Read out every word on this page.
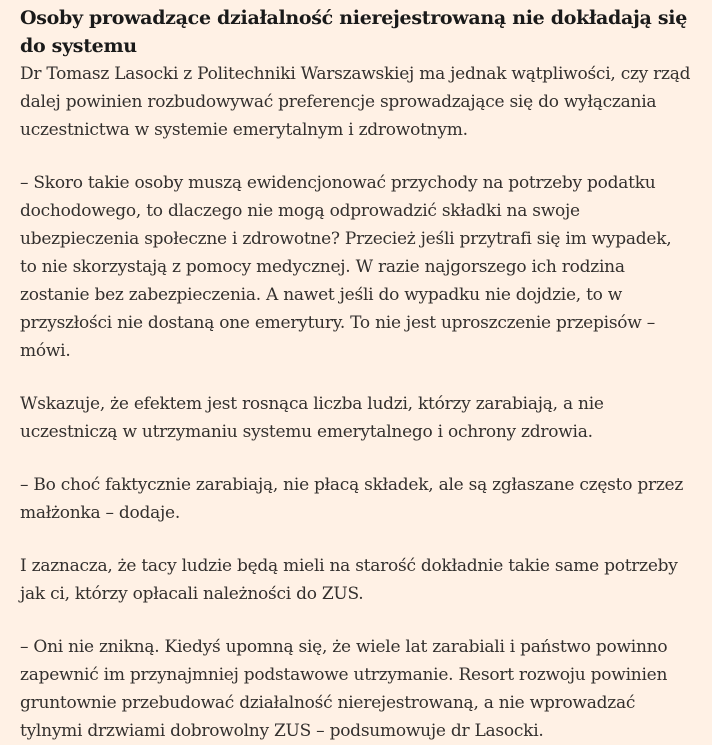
Osoby prowadzące działalność nierejestrowaną nie dokładają się do systemu

Dr Tomasz Lasocki z Politechniki Warszawskiej ma jednak wątpliwości, czy rząd dalej powinien rozbudowywać preferencje sprowadzające się do wyłączania uczestnictwa w systemie emerytalnym i zdrowotnym.

– Skoro takie osoby muszą ewidencjonować przychody na potrzeby podatku dochodowego, to dlaczego nie mogą odprowadzić składki na swoje ubezpieczenia społeczne i zdrowotne? Przecież jeśli przytrafi się im wypadek, to nie skorzystają z pomocy medycznej. W razie najgorszego ich rodzina zostanie bez zabezpieczenia. A nawet jeśli do wypadku nie dojdzie, to w przyszłości nie dostaną one emerytury. To nie jest uproszczenie przepisów – mówi.

Wskazuje, że efektem jest rosnąca liczba ludzi, którzy zarabiają, a nie uczestniczą w utrzymaniu systemu emerytalnego i ochrony zdrowia.

– Bo choć faktycznie zarabiają, nie płacą składek, ale są zgłaszane często przez małżonka – dodaje.

I zaznacza, że tacy ludzie będą mieli na starość dokładnie takie same potrzeby jak ci, którzy opłacali należności do ZUS.

– Oni nie znikną. Kiedyś upomną się, że wiele lat zarabiali i państwo powinno zapewnić im przynajmniej podstawowe utrzymanie. Resort rozwoju powinien gruntownie przebudować działalność nierejestrowaną, a nie wprowadzać tylnymi drzwiami dobrowolny ZUS – podsumowuje dr Lasocki.
